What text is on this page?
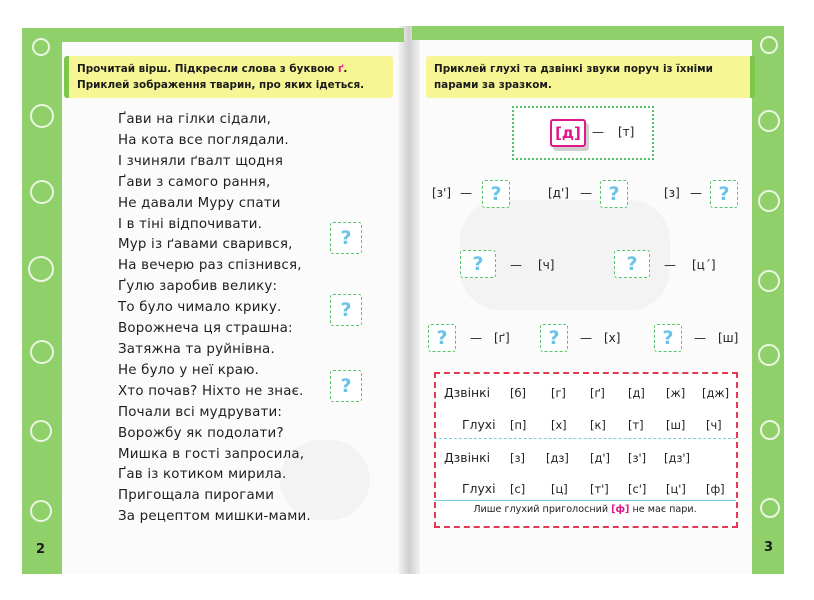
Прочитай вірш. Підкресли слова з буквою ґ. Приклей зображення тварин, про яких ідеться.
Ґави на гілки сідали,
На кота все поглядали.
І зчиняли ґвалт щодня
Ґави з самого рання,
Не давали Муру спати
І в тіні відпочивати.
Мур із ґавами сварився,
На вечерю раз спізнився,
Ґулю заробив велику:
То було чимало крику.
Ворожнеча ця страшна:
Затяжна та руйнівна.
Не було у неї краю.
Хто почав? Ніхто не знає.
Почали всі мудрувати:
Ворожбу як подолати?
Мишка в гості запросила,
Ґав із котиком мирила.
Пригощала пирогами
За рецептом мишки-мами.
?
?
?
2
Приклей глухі та дзвінкі звуки поруч із їхніми парами за зразком.
[д] — [т]
[з'] — ?	[д'] — ?	[з] — ?
?	— [ч]	?	— [ц´]
?	— [ґ]	?	— [х]	?	— [ш]
Дзвінкі [б] [г] [ґ] [д] [ж] [дж]
Глухі [п] [х] [к] [т] [ш] [ч]
Дзвінкі [з] [дз] [д'] [з'] [дз']
Глухі [с] [ц] [т'] [с'] [ц'] [ф]
Лише глухий приголосний [ф] не має пари.
3
